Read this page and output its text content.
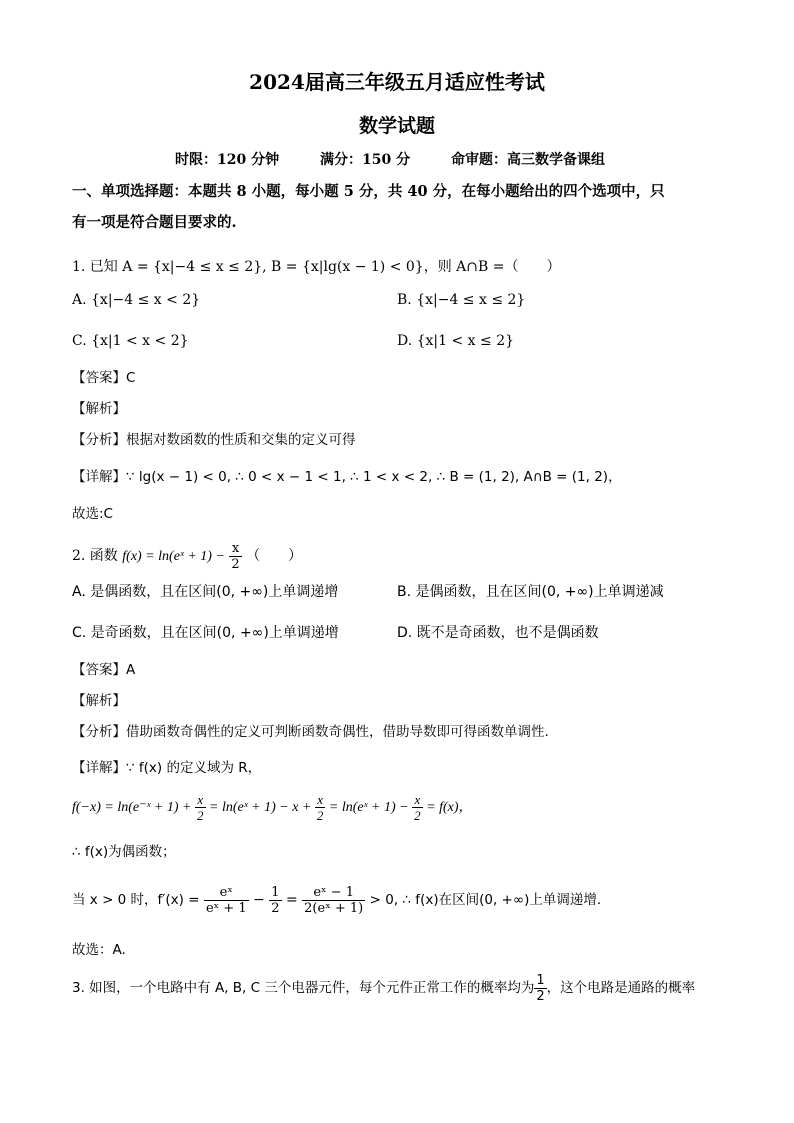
2024届高三年级五月适应性考试
数学试题
时限：120 分钟	满分：150 分	命审题：高三数学备课组
一、单项选择题：本题共 8 小题，每小题 5 分，共 40 分，在每小题给出的四个选项中，只
有一项是符合题目要求的.
1. 已知 A = {x|−4 ≤ x ≤ 2}, B = {x|lg(x − 1) < 0}，则 A∩B =（　　）
A. {x|−4 ≤ x < 2}	B. {x|−4 ≤ x ≤ 2}
C. {x|1 < x < 2}	D. {x|1 < x ≤ 2}
【答案】C
【解析】
【分析】根据对数函数的性质和交集的定义可得
【详解】∵ lg(x − 1) < 0, ∴ 0 < x − 1 < 1, ∴ 1 < x < 2, ∴ B = (1, 2), A∩B = (1, 2)，
故选:C
2. 函数 f(x) = ln(eˣ + $1) - \frac{x}{2}$ （　　）
A. 是偶函数，且在区间(0, +∞)上单调递增	B. 是偶函数，且在区间(0, +∞)上单调递减
C. 是奇函数，且在区间(0, +∞)上单调递增	D. 既不是奇函数，也不是偶函数
【答案】A
【解析】
【分析】借助函数奇偶性的定义可判断函数奇偶性，借助导数即可得函数单调性.
【详解】∵ f(x) 的定义域为 R，
f(−x) = ln(e⁻ˣ + $1) + \frac{x}{2}$ = ln(eˣ + $1) - x + \frac{x}{2}$ = ln(eˣ + $1) - \frac{x}{2} = f(x)$，
∴ f(x)为偶函数；
当 x > 0 时，$f'(x) = \frac{\text{eˣ}}{\text{eˣ + 1}} - \frac{1}{2} = \frac{\text{eˣ − 1}}{\text{2(eˣ + 1)}} > 0$, ∴ f(x)在区间(0, +∞)上单调递增.
故选：A.
3. 如图，一个电路中有 A, B, C 三个电器元件，每个元件正常工作的概率均为 $\frac{1}{2}$ ，这个电路是通路的概率
